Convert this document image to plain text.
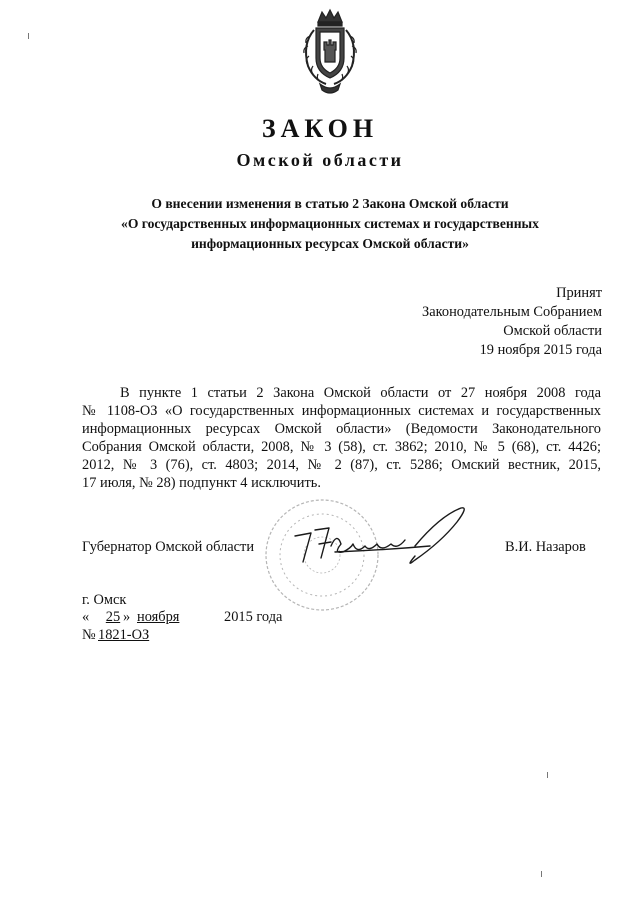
ЗАКОН
Омской области
О внесении изменения в статью 2 Закона Омской области
«О государственных информационных системах и государственных
информационных ресурсах Омской области»
Принят
Законодательным Собранием
Омской области
19 ноября 2015 года
В пункте 1 статьи 2 Закона Омской области от 27 ноября 2008 года
№ 1108-ОЗ «О государственных информационных системах и государственных
информационных ресурсах Омской области» (Ведомости Законодательного
Собрания Омской области, 2008, № 3 (58), ст. 3862; 2010, № 5 (68), ст. 4426;
2012, № 3 (76), ст. 4803; 2014, № 2 (87), ст. 5286; Омский вестник, 2015,
17 июля, № 28) подпункт 4 исключить.
Губернатор Омской области	В.И. Назаров
г. Омск
«	25 » ноября	2015 года
№ 1821-ОЗ
